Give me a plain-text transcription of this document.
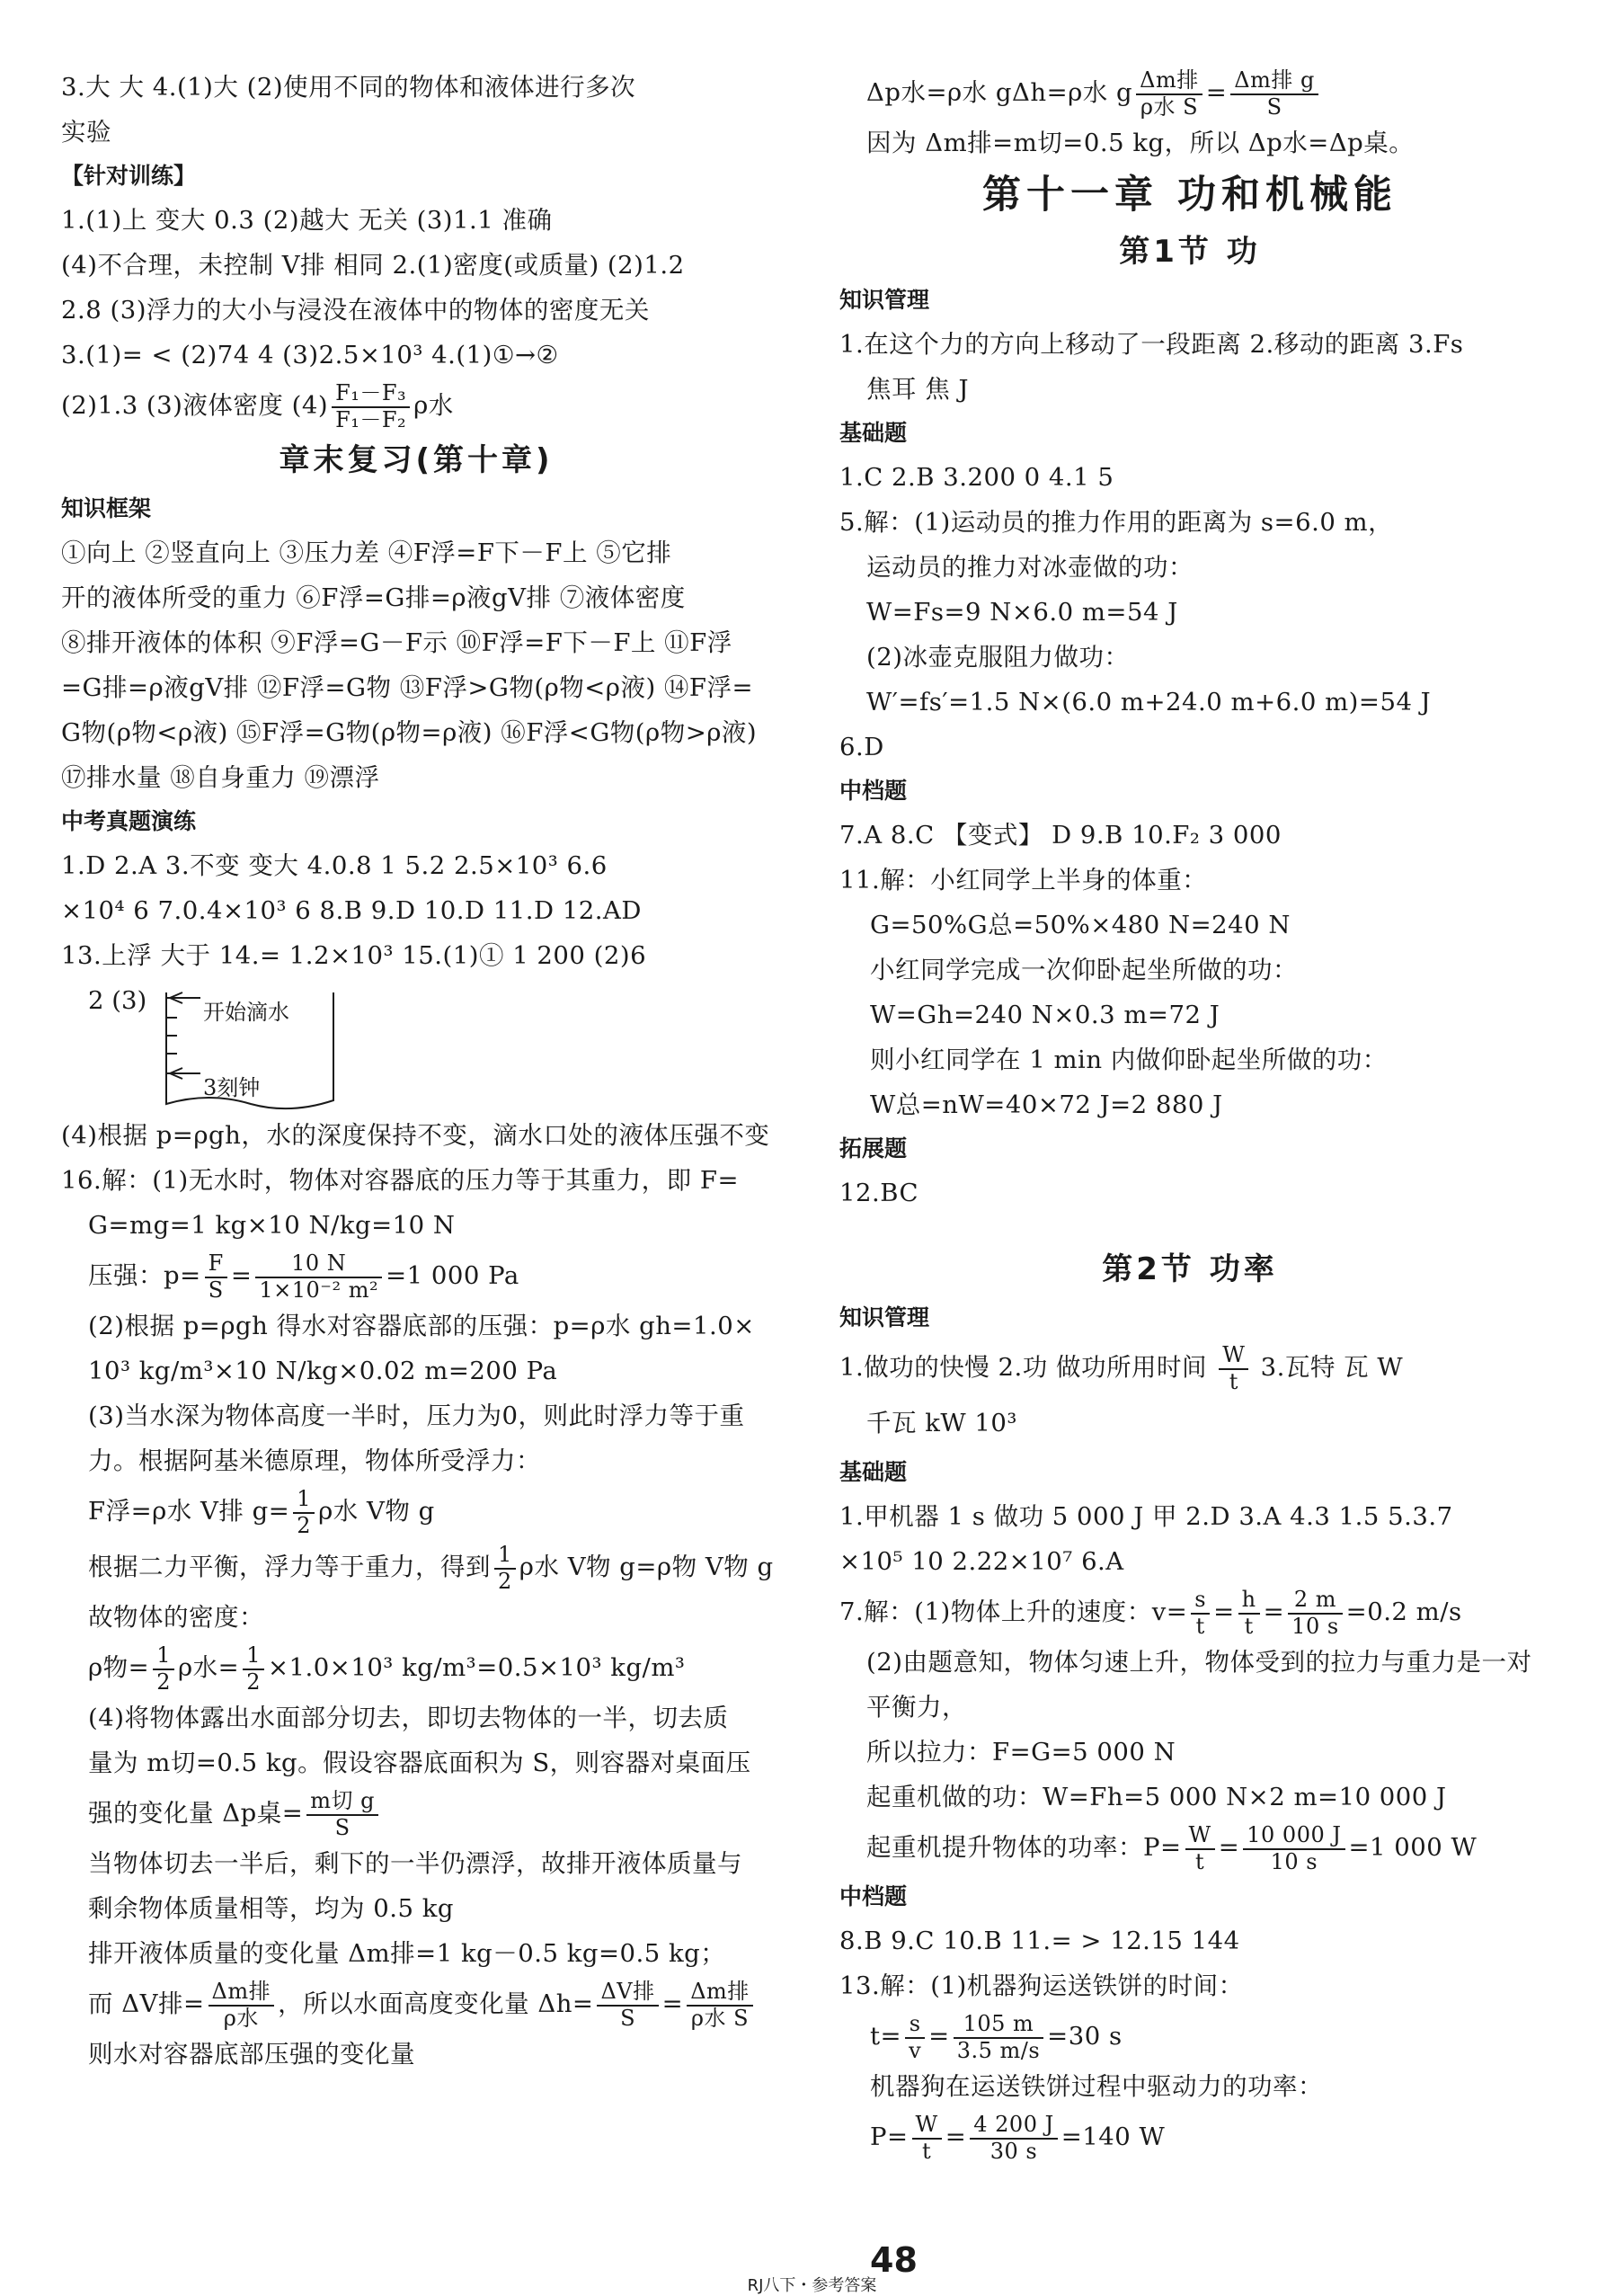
3.大 大 4.(1)大 (2)使用不同的物体和液体进行多次
实验
【针对训练】
1.(1)上 变大 0.3 (2)越大 无关 (3)1.1 准确
(4)不合理，未控制 V排 相同 2.(1)密度(或质量) (2)1.2
2.8 (3)浮力的大小与浸没在液体中的物体的密度无关
3.(1)= < (2)74 4 (3)2.5×10³ 4.(1)①→②
(2)1.3 (3)液体密度 $(4) \frac{\text{F₁－F₃}}{\text{F₁－F₂}}$ ρ水
章末复习(第十章)
知识框架
①向上 ②竖直向上 ③压力差 ④F浮=F下－F上 ⑤它排
开的液体所受的重力 ⑥F浮=G排=ρ液gV排 ⑦液体密度
⑧排开液体的体积 ⑨F浮=G－F示 ⑩F浮=F下－F上 ⑪F浮
=G排=ρ液gV排 ⑫F浮=G物 ⑬F浮>G物(ρ物<ρ液) ⑭F浮=
G物(ρ物<ρ液) ⑮F浮=G物(ρ物=ρ液) ⑯F浮<G物(ρ物>ρ液)
⑰排水量 ⑱自身重力 ⑲漂浮
中考真题演练
1.D 2.A 3.不变 变大 4.0.8 1 5.2 2.5×10³ 6.6
×10⁴ 6 7.0.4×10³ 6 8.B 9.D 10.D 11.D 12.AD
13.上浮 大于 14.= 1.2×10³ 15.(1)① 1 200 (2)6
2 (3)	开始滴水
3刻钟
(4)根据 p=ρgh，水的深度保持不变，滴水口处的液体压强不变
16.解：(1)无水时，物体对容器底的压力等于其重力，即 F=
G=mg=1 kg×10 N/kg=10 N
压强：$p= \frac{F}{S} = \frac{10 N}{\text{1×10⁻² m²}} =1$ 000 Pa
(2)根据 p=ρgh 得水对容器底部的压强：p=ρ水 gh=1.0×
10³ kg/m³×10 N/kg×0.02 m=200 Pa
(3)当水深为物体高度一半时，压力为0，则此时浮力等于重
力。根据阿基米德原理，物体所受浮力：
F浮=ρ水 V排 $g= \frac{1}{2}$ ρ水 V物 g
根据二力平衡，浮力等于重力，得到 $\frac{1}{2}$ ρ水 V物 g=ρ物 V物 g
故物体的密度：
ρ物= $\frac{1}{2}$ ρ水= $\frac{1}{2} \times 1.0\times 10^3$ kg/m³=0.5×10³ kg/m³
(4)将物体露出水面部分切去，即切去物体的一半，切去质
量为 m切=0.5 kg。假设容器底面积为 S，则容器对桌面压
强的变化量 Δp桌= $\frac{\text{m切 g}}{S}$
当物体切去一半后，剩下的一半仍漂浮，故排开液体质量与
剩余物体质量相等，均为 0.5 kg
排开液体质量的变化量 Δm排=1 kg－0.5 kg=0.5 kg；
而 ΔV排= $\frac{\text{Δm排}}{\text{ρ水}}$ ，所以水面高度变化量 $\Delta h= \frac{\text{ΔV排}}{S} = \frac{\text{Δm排}}{\text{ρ水 S}}$
则水对容器底部压强的变化量
Δp水=ρ水 gΔh=ρ水 g $\frac{\text{Δm排}}{\text{ρ水 S}} = \frac{\text{Δm排 g}}{S}$
因为 Δm排=m切=0.5 kg，所以 Δp水=Δp桌。
第十一章 功和机械能
第1节 功
知识管理
1.在这个力的方向上移动了一段距离 2.移动的距离 3.Fs
焦耳 焦 J
基础题
1.C 2.B 3.200 0 4.1 5
5.解：(1)运动员的推力作用的距离为 s=6.0 m，
运动员的推力对冰壶做的功：
W=Fs=9 N×6.0 m=54 J
(2)冰壶克服阻力做功：
W′=fs′=1.5 N×(6.0 m+24.0 m+6.0 m)=54 J
6.D
中档题
7.A 8.C 【变式】 D 9.B 10.F₂ 3 000
11.解：小红同学上半身的体重：
G=50%G总=50%×480 N=240 N
小红同学完成一次仰卧起坐所做的功：
W=Gh=240 N×0.3 m=72 J
则小红同学在 1 min 内做仰卧起坐所做的功：
W总=nW=40×72 J=2 880 J
拓展题
12.BC
第2节 功率
知识管理
1.做功的快慢 2.功 做功所用时间 $\frac{W}{t} 3$.瓦特 瓦 W
千瓦 kW 10³
基础题
1.甲机器 1 s 做功 5 000 J 甲 2.D 3.A 4.3 1.5 5.3.7
×10⁵ 10 2.22×10⁷ 6.A
7.解：(1)物体上升的速度：$v= \frac{s}{t} = \frac{h}{t} = \frac{2 m}{10 s} =0.2$ m/s
(2)由题意知，物体匀速上升，物体受到的拉力与重力是一对
平衡力，
所以拉力：F=G=5 000 N
起重机做的功：W=Fh=5 000 N×2 m=10 000 J
起重机提升物体的功率：$P= \frac{W}{t} = \frac{10 000 J}{10 s} =1$ 000 W
中档题
8.B 9.C 10.B 11.= > 12.15 144
13.解：(1)机器狗运送铁饼的时间：
$t= \frac{s}{v} = \frac{105 m}{3.5 m/s} =30$ s
机器狗在运送铁饼过程中驱动力的功率：
$P= \frac{W}{t} = \frac{4 200 J}{30 s} =140$ W
48
RJ八下・参考答案
